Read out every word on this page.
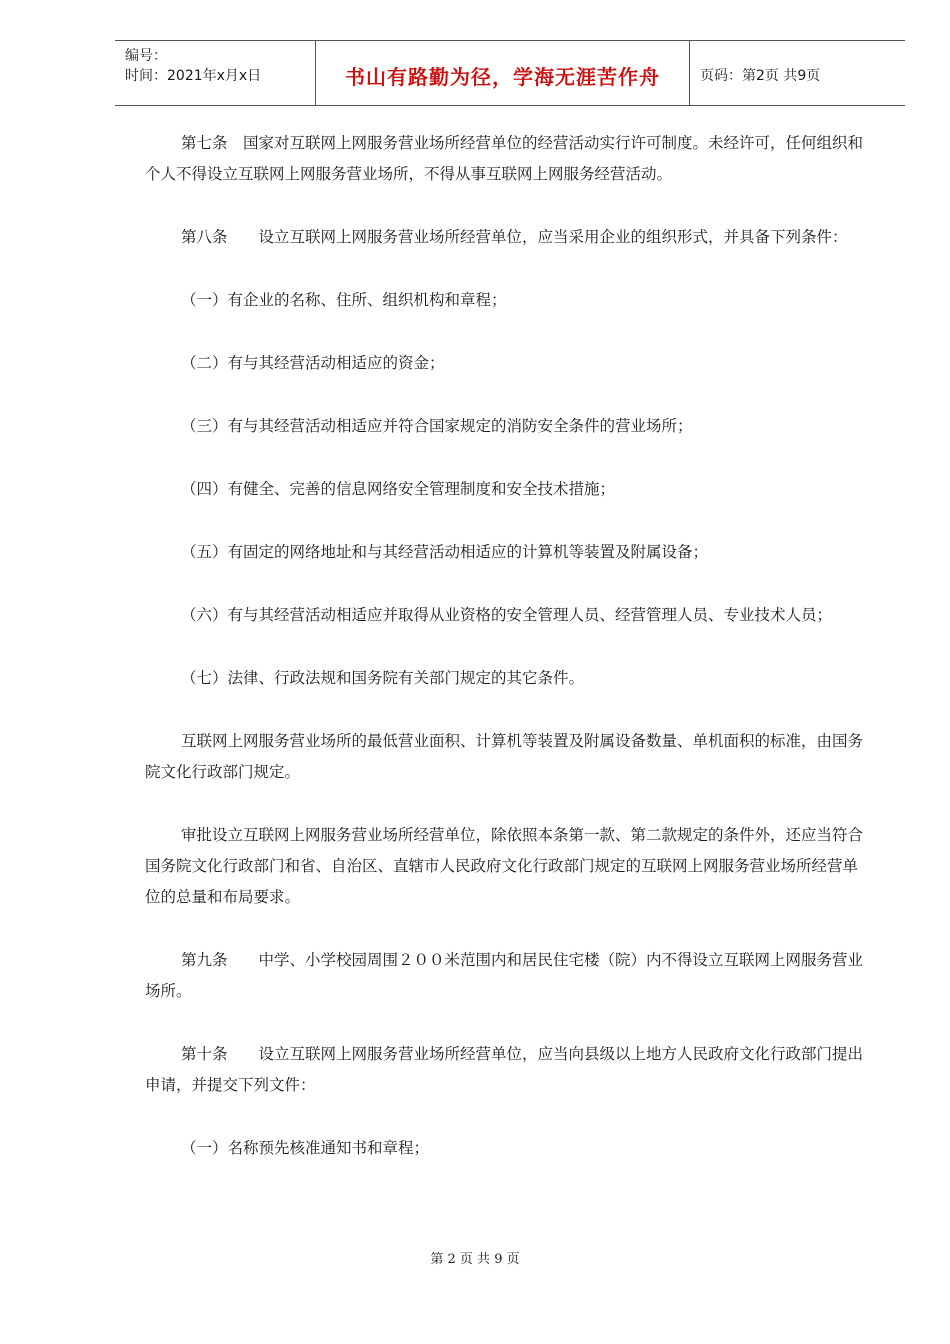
编号：
时间：2021年x月x日	书山有路勤为径，学海无涯苦作舟	页码：第2页 共9页

第七条　国家对互联网上网服务营业场所经营单位的经营活动实行许可制度。未经许可，任何组织和个人不得设立互联网上网服务营业场所，不得从事互联网上网服务经营活动。

第八条　　设立互联网上网服务营业场所经营单位，应当采用企业的组织形式，并具备下列条件：

（一）有企业的名称、住所、组织机构和章程；

（二）有与其经营活动相适应的资金；

（三）有与其经营活动相适应并符合国家规定的消防安全条件的营业场所；

（四）有健全、完善的信息网络安全管理制度和安全技术措施；

（五）有固定的网络地址和与其经营活动相适应的计算机等装置及附属设备；

（六）有与其经营活动相适应并取得从业资格的安全管理人员、经营管理人员、专业技术人员；

（七）法律、行政法规和国务院有关部门规定的其它条件。

互联网上网服务营业场所的最低营业面积、计算机等装置及附属设备数量、单机面积的标准，由国务院文化行政部门规定。

审批设立互联网上网服务营业场所经营单位，除依照本条第一款、第二款规定的条件外，还应当符合国务院文化行政部门和省、自治区、直辖市人民政府文化行政部门规定的互联网上网服务营业场所经营单位的总量和布局要求。

第九条　　中学、小学校园周围２００米范围内和居民住宅楼（院）内不得设立互联网上网服务营业场所。

第十条　　设立互联网上网服务营业场所经营单位，应当向县级以上地方人民政府文化行政部门提出申请，并提交下列文件：

（一）名称预先核准通知书和章程；

第 2 页 共 9 页
